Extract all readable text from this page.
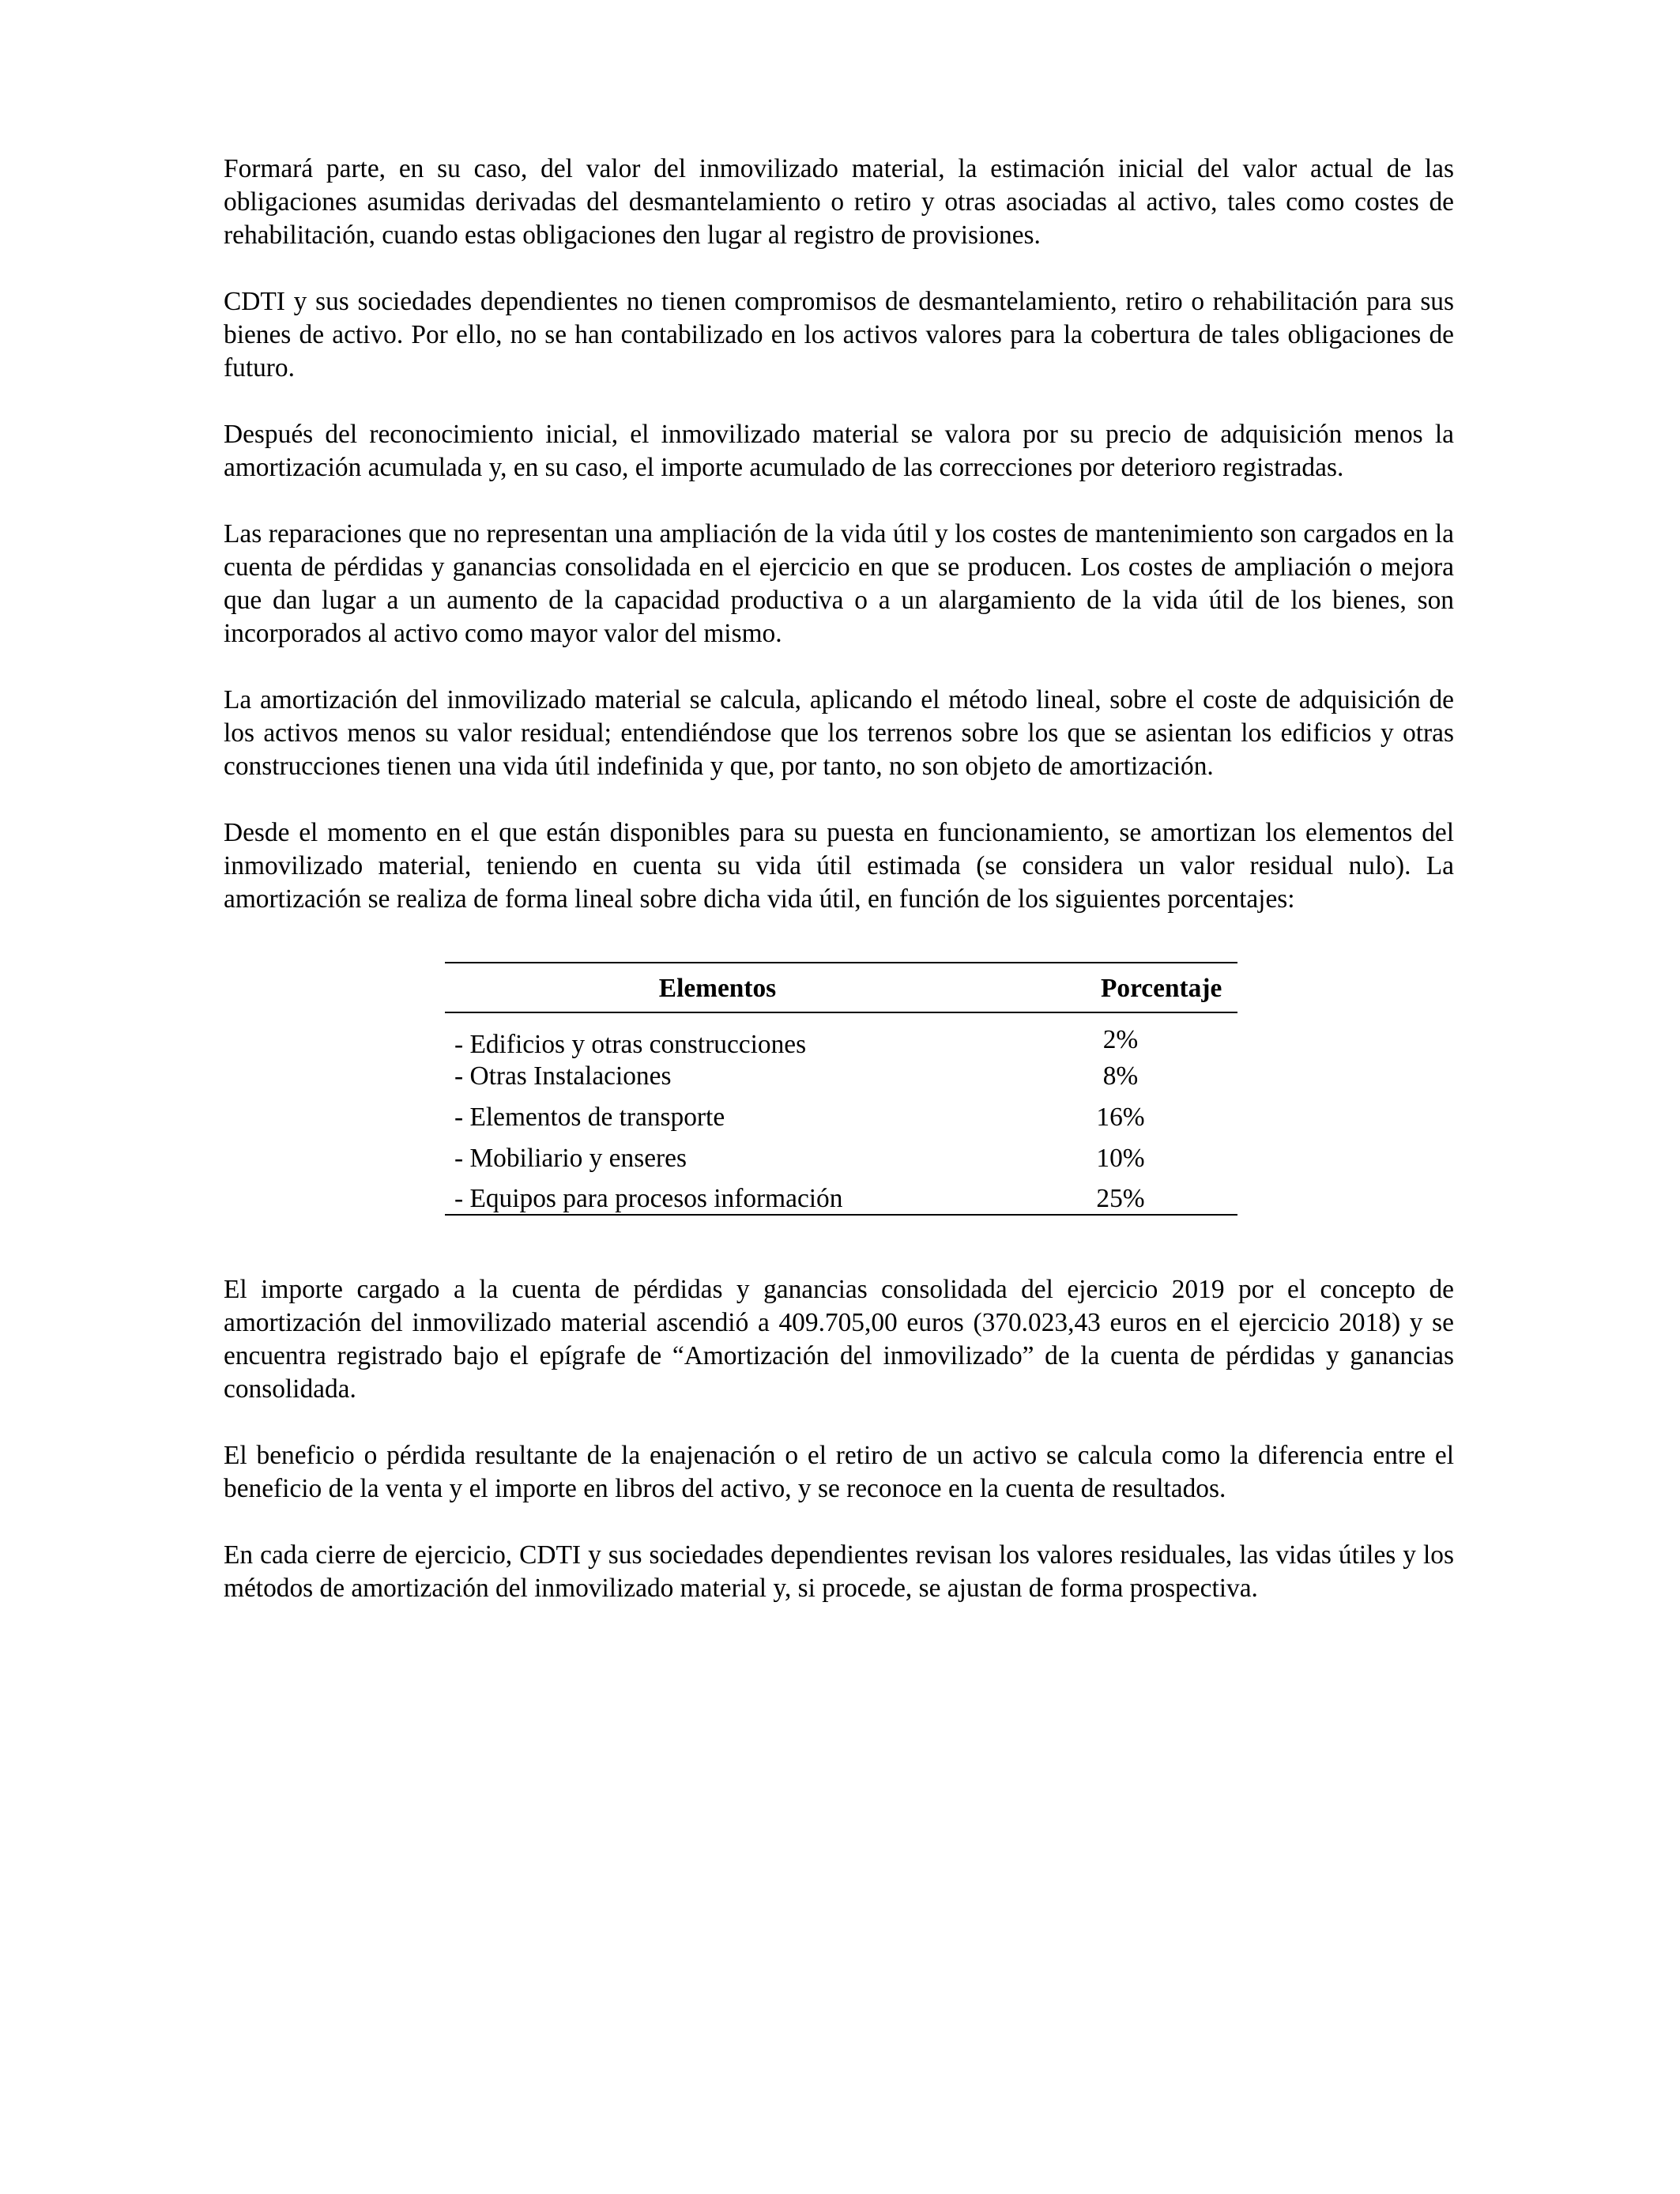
Formará parte, en su caso, del valor del inmovilizado material, la estimación inicial del valor actual de las obligaciones asumidas derivadas del desmantelamiento o retiro y otras asociadas al activo, tales como costes de rehabilitación, cuando estas obligaciones den lugar al registro de provisiones.

CDTI y sus sociedades dependientes no tienen compromisos de desmantelamiento, retiro o rehabilitación para sus bienes de activo. Por ello, no se han contabilizado en los activos valores para la cobertura de tales obligaciones de futuro.

Después del reconocimiento inicial, el inmovilizado material se valora por su precio de adquisición menos la amortización acumulada y, en su caso, el importe acumulado de las correcciones por deterioro registradas.

Las reparaciones que no representan una ampliación de la vida útil y los costes de mantenimiento son cargados en la cuenta de pérdidas y ganancias consolidada en el ejercicio en que se producen. Los costes de ampliación o mejora que dan lugar a un aumento de la capacidad productiva o a un alargamiento de la vida útil de los bienes, son incorporados al activo como mayor valor del mismo.

La amortización del inmovilizado material se calcula, aplicando el método lineal, sobre el coste de adquisición de los activos menos su valor residual; entendiéndose que los terrenos sobre los que se asientan los edificios y otras construcciones tienen una vida útil indefinida y que, por tanto, no son objeto de amortización.

Desde el momento en el que están disponibles para su puesta en funcionamiento, se amortizan los elementos del inmovilizado material, teniendo en cuenta su vida útil estimada (se considera un valor residual nulo). La amortización se realiza de forma lineal sobre dicha vida útil, en función de los siguientes porcentajes:

Elementos	Porcentaje
- Edificios y otras construcciones	2%
- Otras Instalaciones	8%
- Elementos de transporte	16%
- Mobiliario y enseres	10%
- Equipos para procesos información	25%

El importe cargado a la cuenta de pérdidas y ganancias consolidada del ejercicio 2019 por el concepto de amortización del inmovilizado material ascendió a 409.705,00 euros (370.023,43 euros en el ejercicio 2018) y se encuentra registrado bajo el epígrafe de “Amortización del inmovilizado” de la cuenta de pérdidas y ganancias consolidada.

El beneficio o pérdida resultante de la enajenación o el retiro de un activo se calcula como la diferencia entre el beneficio de la venta y el importe en libros del activo, y se reconoce en la cuenta de resultados.

En cada cierre de ejercicio, CDTI y sus sociedades dependientes revisan los valores residuales, las vidas útiles y los métodos de amortización del inmovilizado material y, si procede, se ajustan de forma prospectiva.
